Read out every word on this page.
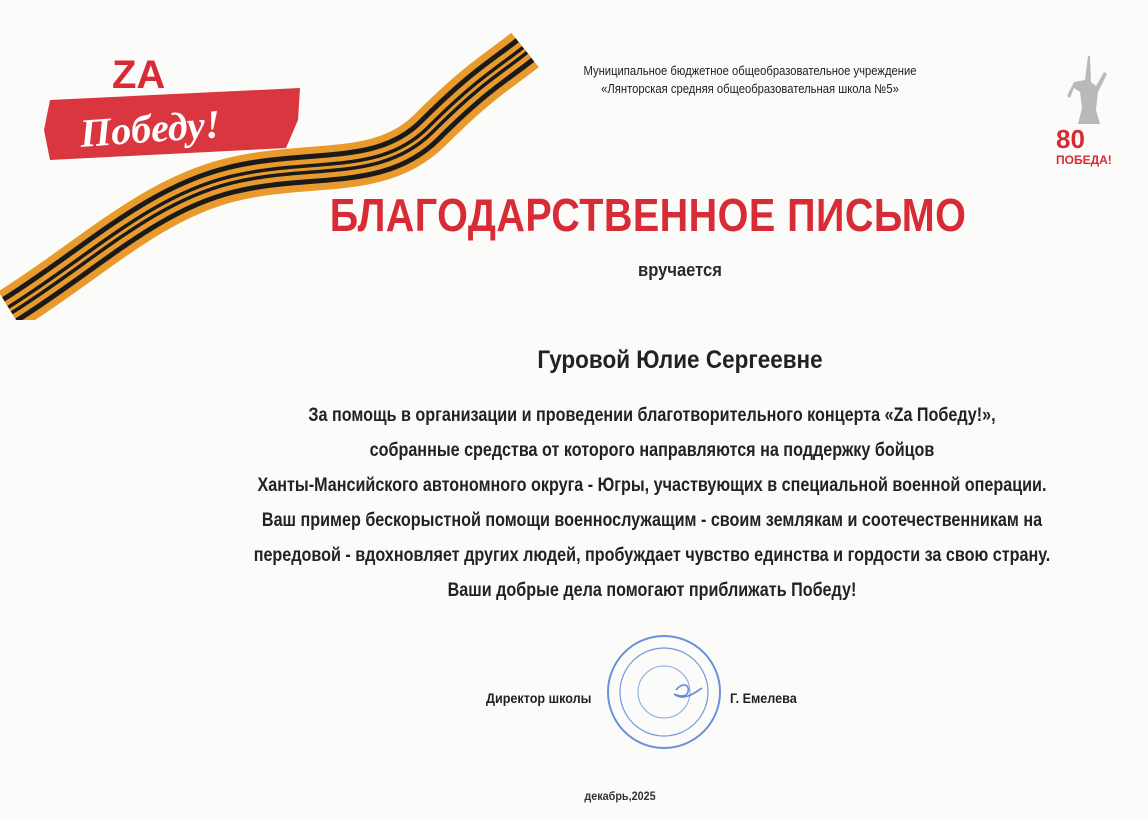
ZA
Победу!
Муниципальное бюджетное общеобразовательное учреждение
«Лянторская средняя общеобразовательная школа №5»
80
ПОБЕДА!
БЛАГОДАРСТВЕННОЕ ПИСЬМО
вручается
Гуровой Юлие Сергеевне
За помощь в организации и проведении благотворительного концерта «Zа Победу!»,
собранные средства от которого направляются на поддержку бойцов
Ханты-Мансийского автономного округа - Югры, участвующих в специальной военной операции.
Ваш пример бескорыстной помощи военнослужащим - своим землякам и соотечественникам на
передовой - вдохновляет других людей, пробуждает чувство единства и гордости за свою страну.
Ваши добрые дела помогают приближать Победу!
Директор школы	Г. Емелева
декабрь,2025
